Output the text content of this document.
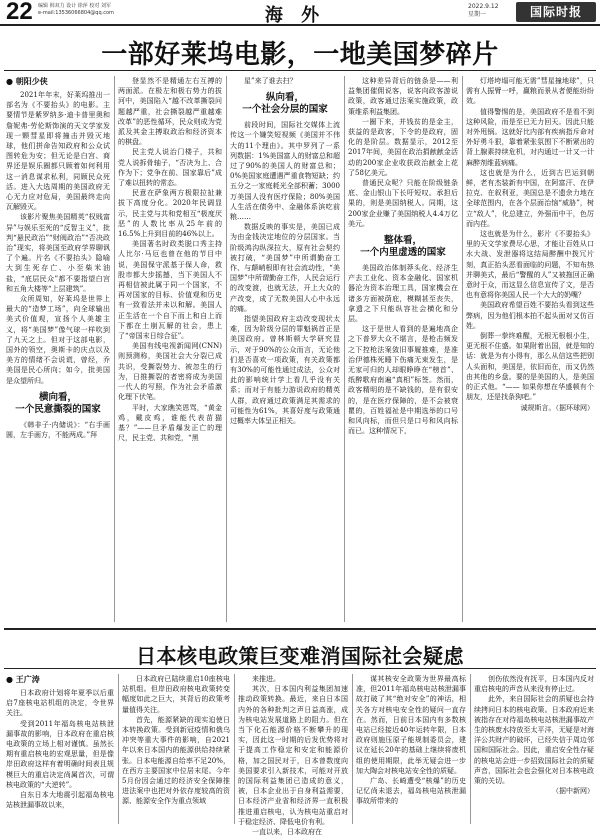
22 编辑 韩双力 设计 徐萍 校对 刘军
e-mail:13536066804@qq.com	海 外	2022.9.12
星期一	国际时报
一部好莱坞电影，一地美国梦碎片
● 朝阳少侠

2021年年末，好莱坞推出一部名为《不要抬头》的电影。主要情节是紫罗纳多·迪卡普里奥和詹妮弗·劳伦斯饰演的天文学家发现一颗彗星即将撞击并毁灭地球，他们拼命告知政府和公众试图转危为安；但无论是白宫、商界还是娱乐圈都只顾着如何利用这一消息谋求私利，同顾民众死活。进入大选周期的美国政府无心无力应对危局，美国最终走向瓦解毁灭。

该影片聚焦美国精英“权贱富异”与娱乐至死的“反智主义”，批判“悬民政治”“财阀政治”“否决政治”现实，将美国至政府学界聊讽了个遍。片名《不要抬头》隐喻大到生死存亡、小至柴米油盐，“底层民众”都不要指望白宫和五角大楼等“上层建筑”。

众所周知，好莱坞是世界上最大的“造梦工场”，向全球输出美式价值观，宣扬个人美雄主义，将“美国梦”像气球一样吹到了九天之上。但对于这部电影，国外的领空，奥斯卡的庆点以及美方的情绪不会说谎，曾经，乔美国是民心所向；如今，批美国是众望所归。

横向看，
一个民意撕裂的国家

《韩非子·内储说》：“右手画圆，左手画方，不能两成。”拜

登显然不是精通左右互搏的两面派。在极左和极右势力的拔河中，美国陷入“越不改革撕裂问题越严重，社会撕裂越严重越难改革”的恶性循环，民众则成为党派及其金主搏取政治和经济资本的棋盘。

民主党人说治门楼子，共和党人说拆骨轴子，“否决为上、合作为下；党争在前、国家靠后”成了难以扭转的常态。

民意在萨象两方极限拉扯兼拔下高度分化。2020年民调显示，民主党与共和党相互“极度厌恶”的人数比率从25年前的16.5%上升到目前的46%以上。

美国著名时政类脱口秀主持人比尔·马厄也曾在他的节目中说，美国保守派基于保人命，救股市都大步摇撼，当下美国人不再相信被此属于同一个国家，不再对国家的目标、价值观和历史有一致看法并未以和解。美国人正生活在一个自下而上和自上而下都在土崩瓦解的社会，患上了“帝国末日综合征”。

美国有线电视新闻网(CNN)则预测称，美国社会大分裂已成共识，受撕裂势力、被忽生的行为，日推撕裂的者密将成为美国一代人的写照，作为社会矛盾激化理下伏笔。

平时，大家瞧笑恩骂，“黄金鸡，戴皮鸡，谁能代表苗猫基？”——旦矛盾爆发正亡的理尺，民主党、共和党，“黑

星”来了谁去扫？

纵向看，
一个社会分层的国家

前段时间，国际社交媒体上流传这一个嫌笑短视频《美国并不伟大的11个理由》。其中罗列了一系列数据：1%美国富人的财富总和超过了90%的美国人的财富总和；0%美国家庭遭遇严重食物短缺；约五分之一家庭耗光全部积蓄；3000万美国人没有医疗保险；80%美国人生活在债务中、金融体系滨吃前粮……

数据反映的事实是，美国已成为由金钱决定地位的分层国家。当阶级鸿沟纵深拉大，原有社会契约被打破，“美国梦”中所谓勤奋工作、与颠峭根即有社会流动性，“美国梦”中所谓勤奋工作，人民会运行的改变渡，也就无法，开上大众的产改变，成了无数美国人心中永远的痛。

指望美国政府主动改变现状太难，因为阶级分层的罪魁祸首正是美国政府。曾林斯顿大学研究显示，对于90%的公众而言，无论他们是否喜欢一项政策，有关政策都有30%的可能性通过成法，公众对此的影响统计学上看几乎没有关系；而对于有能力游说政府的精英人群，政府通过政策满足其需求的可能性为61%，其喜好度与政策通过概率大体呈正相关。

这种差异背后的链条是——利益集团催佣说客，说客向政客游说政策，政客通过法案实施政策，政策维系利益集团。

一圈下来，并钱贫的是金主，获益的是政客，下令的是政府，固化的是阶层。数据显示，2012至2017年间，美国在政治捐献献金活动的200家企业收获政治献金上花了58亿美元。

普通民众呢？只能在阶级链条底、金山银山下长吁短叹。承担后果的，则是美国纳税人。同期，这200家企业赚了美国纳税人4.4万亿美元。

整体看，
一个内里虚透的国家

美国政治体制莽头化、经济生产去工业化、资本金融化、国家机器沦为资本治理工具，国家機会在诸多方面被荫庇，模糊甚至丧失，拿遗之下只能纵容社会横化和分层。

这于是世人看到的是遍地高企之下普罗大众不堪言，是枪击频发之下控枪法案敛旧事履推难，是准治伊德株死睡下伤痛无束发生，是无家可归的人却眼睁睁在“榜首”、纸醉歌府南遍“真相”标签。然而，政客精明的是不缺钱的，是有很安的，是在医疗保障的，是不会被衰瞿的，百姓福祉是中期选举的口号和风向标，而但只是口号和风向标而已。这种情况下，

灯塔垮塌可能无需”彗星撞地球”，只需有人振臂一呼，赢粮而景从者便能纷纷效。

值得警惕的是，美国政府不是看不到这种风险，而是至已无力回天。因此只能对外甩锅。这就好比内部有疾病指斥命对外好勇斗狠，靠着紧张氛围下不断紧出的背上腺素持续危机，对内通过一计又一计麻醉剂维蓝病痛。

这也就是为什么，近到古巴运到朝鲜，老有杰装新有中国，在阿富汗、在伊拉克、在叙利亚，美国总是不遗余力地在全球范围内，在各个层面治恼“威胁”，树立“敌人”，化总建立，外强而中干，色厉而内荏。

这也就是为什么，影片《不要抬头》里的天文学家费尽心思，才能让百姓从口水大战、发泄器将这结局醉酬中拨冗片刻，真正抬头恶看面临的问题，不知布热并聊美式，最后“警醒的人”又被拖回正确意时于众，而这显么信息宣传了文，是否也有意将你美国人民一个大大的奶嘴？

美国政府希望百姓不要抬头看到这些弊病，因为他们根本拍不起头面对又仿百姓。

倒葬一拳终难醒，无根无根根小生，更无根不住盛。如果附着出国，就是知的话：就是为有小得有，那么从信这些把别人头面和，美国是，依旧而在，而又仍然由其他的乡盘。要的是美国的人，是美国的正式他。“—— 如果你想在华盛顿有个朋友，还是找条狗吧。”

诚规斯言。（据环球网）

日本核电政策巨变难消国际社会疑虑
● 王广涛

日本政府计划将年夏季以后重启7座核电站机组的决定，令世界关注。

受到2011年福岛核电站核泄漏事故的影响，日本政府在重启核电政策的立场上相对谨慎。虽然长期有重启核电的宏观思量，但是像岸田政府这样有着明确时间表且规模巨大的重启决定尚属首次，可谓核电政策的“大逆转”。

自东日本大地震引起福岛核电站核泄漏事故以来，

日本政府已陆续重启10座核电站机组。但岸田政府核电政策转变幅度如此之巨大，其背后的政策考量值得关注。

首先，能源紧缺的现实迫使日本转换政策。受到新冠疫情和俄乌冲突等重大事件的影响，自2021年以来日本国内的能源供给持续紧张。日本电能源自给率不足20%，在西方主要国家中位居末尾。今年5月份因会通过的经济安全保障推进法案中也把对外依存度较高的资源、能源安全作为重点领域

来推进。

其次，日本国内利益集团加速推动政策转换。最近，来自日本国内外的各种批判之声日益高涨，成为核电站发展道路上的阻力。但在当下化石能源价格不断攀升的现实，因此这一时期的后发优势将对于提高工作稳定和安定和能源价格，加之国民对于，日本曾数度向美国要求引入新技术，可能对开放的国际利益集团已造成的意义，被，日本企业出于自身利益需要，日本经济产业省和经济界一直积极推进重启核电，认为核电站重启对于稳定经济、降低电价有利。

一直以来，日本政府在

谋其核安全政策为世界最高标准，但2011年福岛核电站核泄漏事故打破了其“绝对安全”的神话，相关各方对核电安全性的疑问一直存在。然而，日前日本国内有多数核电站已经接近40年运转年限，日本政府则施压原子能规制委员会，建议在延长20年的基础上继续将废机组的使用期限，此举无疑会进一步加大陶会对核电站安全性的质疑。

广岛、长崎遭受“核爆”的历史记忆尚未退去，福岛核电站核泄漏事故所带来的

创伤依然没有抚平，日本国内反对重启核电的声音从来没有停止过。

此外，来自国际社会的质疑也会持续拷问日本的核电政策。日本政府近来被指存在对待福岛核电站核泄漏事故产生的核废水持放至太平洋，无疑是对海洋公共财产的破坏，已经失信于周边邻国和国际社会。因此，重启安全性存疑的核电站会进一步招致国际社会的质疑声音，国际社会也会强化对日本核电政策的关切。

（据中新网）
